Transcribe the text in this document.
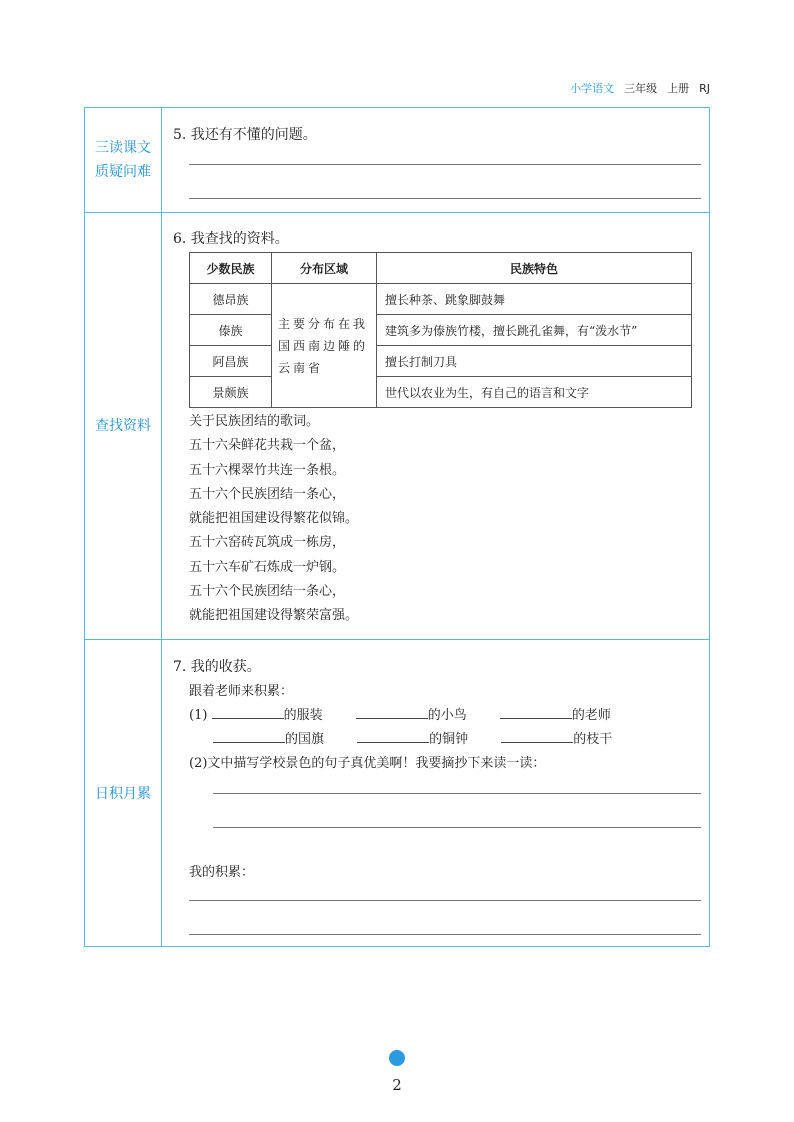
小学语文 三年级 上册 RJ
三读课文
质疑问难
5. 我还有不懂的问题。
查找资料
6. 我查找的资料。
少数民族	分布区域	民族特色
德昂族	主要分布在我国西南边陲的云南省	擅长种茶、跳象脚鼓舞
傣族		建筑多为傣族竹楼，擅长跳孔雀舞，有“泼水节”
阿昌族		擅长打制刀具
景颇族		世代以农业为生，有自己的语言和文字
关于民族团结的歌词。
五十六朵鲜花共栽一个盆，
五十六棵翠竹共连一条根。
五十六个民族团结一条心，
就能把祖国建设得繁花似锦。
五十六窑砖瓦筑成一栋房，
五十六车矿石炼成一炉钢。
五十六个民族团结一条心，
就能把祖国建设得繁荣富强。
日积月累
7. 我的收获。
跟着老师来积累：
(1)	的服装	的小鸟	的老师
的国旗	的铜钟	的枝干
(2)文中描写学校景色的句子真优美啊！我要摘抄下来读一读：
我的积累：
2
